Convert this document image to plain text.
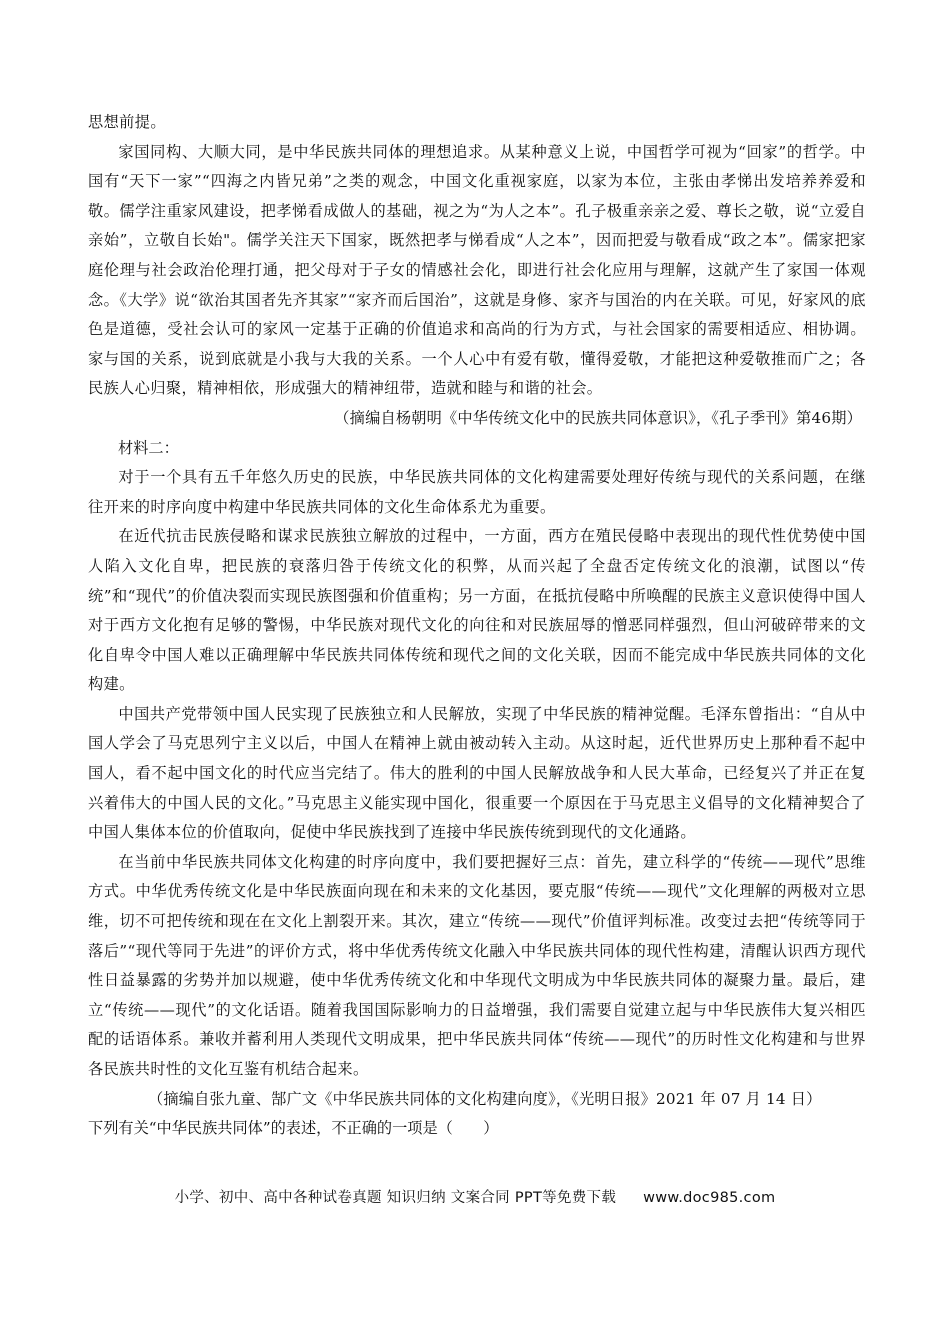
思想前提。

家国同构、大顺大同，是中华民族共同体的理想追求。从某种意义上说，中国哲学可视为“回家”的哲学。中国有“天下一家”“四海之内皆兄弟”之类的观念，中国文化重视家庭，以家为本位，主张由孝悌出发培养养爱和敬。儒学注重家风建设，把孝悌看成做人的基础，视之为“为人之本”。孔子极重亲亲之爱、尊长之敬，说“立爱自亲始”，立敬自长始"。儒学关注天下国家，既然把孝与悌看成“人之本”，因而把爱与敬看成“政之本”。儒家把家庭伦理与社会政治伦理打通，把父母对于子女的情感社会化，即进行社会化应用与理解，这就产生了家国一体观念。《大学》说“欲治其国者先齐其家”“家齐而后国治”，这就是身修、家齐与国治的内在关联。可见，好家风的底色是道德，受社会认可的家风一定基于正确的价值追求和高尚的行为方式，与社会国家的需要相适应、相协调。家与国的关系，说到底就是小我与大我的关系。一个人心中有爱有敬，懂得爱敬，才能把这种爱敬推而广之；各民族人心归聚，精神相依，形成强大的精神纽带，造就和睦与和谐的社会。

（摘编自杨朝明《中华传统文化中的民族共同体意识》，《孔子季刊》第46期）

材料二：

对于一个具有五千年悠久历史的民族，中华民族共同体的文化构建需要处理好传统与现代的关系问题，在继往开来的时序向度中构建中华民族共同体的文化生命体系尤为重要。

在近代抗击民族侵略和谋求民族独立解放的过程中，一方面，西方在殖民侵略中表现出的现代性优势使中国人陷入文化自卑，把民族的衰落归咎于传统文化的积弊，从而兴起了全盘否定传统文化的浪潮，试图以“传统”和“现代”的价值决裂而实现民族图强和价值重构；另一方面，在抵抗侵略中所唤醒的民族主义意识使得中国人对于西方文化抱有足够的警惕，中华民族对现代文化的向往和对民族屈辱的憎恶同样强烈，但山河破碎带来的文化自卑令中国人难以正确理解中华民族共同体传统和现代之间的文化关联，因而不能完成中华民族共同体的文化构建。

中国共产党带领中国人民实现了民族独立和人民解放，实现了中华民族的精神觉醒。毛泽东曾指出：“自从中国人学会了马克思列宁主义以后，中国人在精神上就由被动转入主动。从这时起，近代世界历史上那种看不起中国人，看不起中国文化的时代应当完结了。伟大的胜利的中国人民解放战争和人民大革命，已经复兴了并正在复兴着伟大的中国人民的文化。”马克思主义能实现中国化，很重要一个原因在于马克思主义倡导的文化精神契合了中国人集体本位的价值取向，促使中华民族找到了连接中华民族传统到现代的文化通路。

在当前中华民族共同体文化构建的时序向度中，我们要把握好三点：首先，建立科学的“传统——现代”思维方式。中华优秀传统文化是中华民族面向现在和未来的文化基因，要克服“传统——现代”文化理解的两极对立思维，切不可把传统和现在在文化上割裂开来。其次，建立“传统——现代”价值评判标准。改变过去把“传统等同于落后”“现代等同于先进”的评价方式，将中华优秀传统文化融入中华民族共同体的现代性构建，清醒认识西方现代性日益暴露的劣势并加以规避，使中华优秀传统文化和中华现代文明成为中华民族共同体的凝聚力量。最后，建立“传统——现代”的文化话语。随着我国国际影响力的日益增强，我们需要自觉建立起与中华民族伟大复兴相匹配的话语体系。兼收并蓄利用人类现代文明成果，把中华民族共同体“传统——现代”的历时性文化构建和与世界各民族共时性的文化互鉴有机结合起来。

（摘编自张九童、郜广文《中华民族共同体的文化构建向度》，《光明日报》2021 年 07 月 14 日）

下列有关“中华民族共同体”的表述，不正确的一项是（　　）

小学、初中、高中各种试卷真题 知识归纳 文案合同 PPT等免费下载 www.doc985.com
